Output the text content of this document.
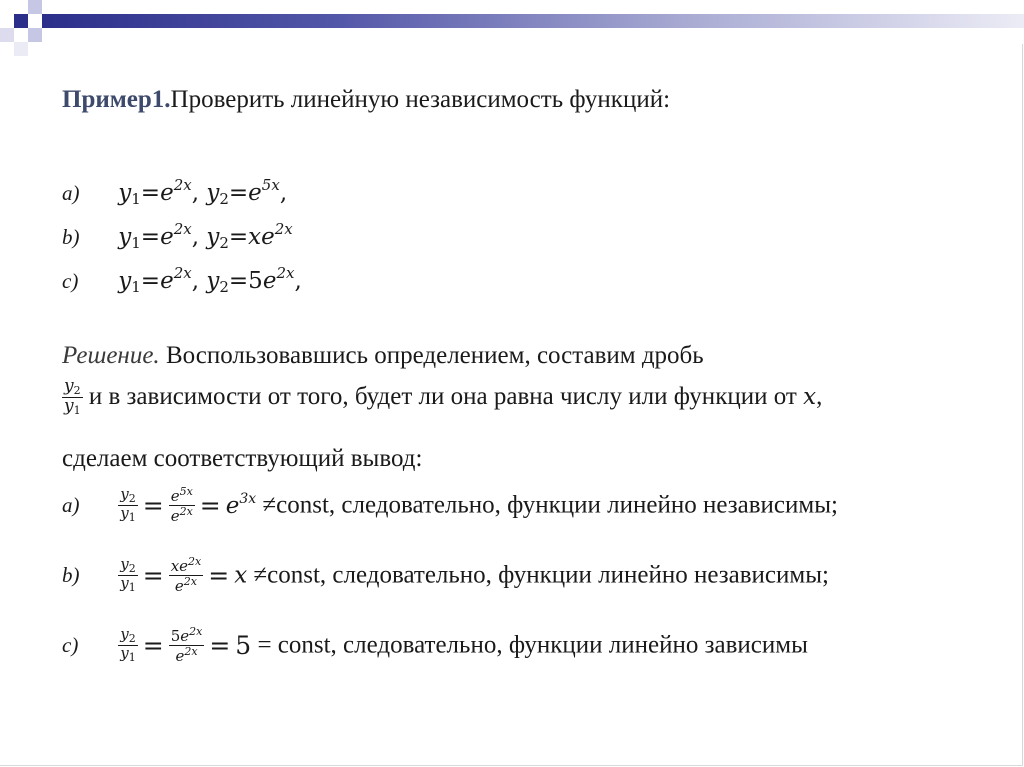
Пример1.Проверить линейную независимость функций:
a) $y_1=e^{2x}$, $y_2=e^{5x}$,
b) $y_1=e^{2x}$, $y_2=xe^{2x}$
c) $y_1=e^{2x}$, $y_2=5e^{2x}$,
Решение. Воспользовавшись определением, составим дробь
$\frac{y_2}{y_1}$ и в зависимости от того, будет ли она равна числу или функции от x,
сделаем соответствующий вывод:
a)	$\frac{y_2}{y_1} = \frac{e^{5x}}{e^{2x}} = e^{3x}$ ≠const, следовательно, функции линейно независимы;
b)	$\frac{y_2}{y_1} = \frac{xe^{2x}}{e^{2x}} = x$ ≠const, следовательно, функции линейно независимы;
c)	$\frac{y_2}{y_1} = \frac{5e^{2x}}{e^{2x}} = 5$ = const, следовательно, функции линейно зависимы
